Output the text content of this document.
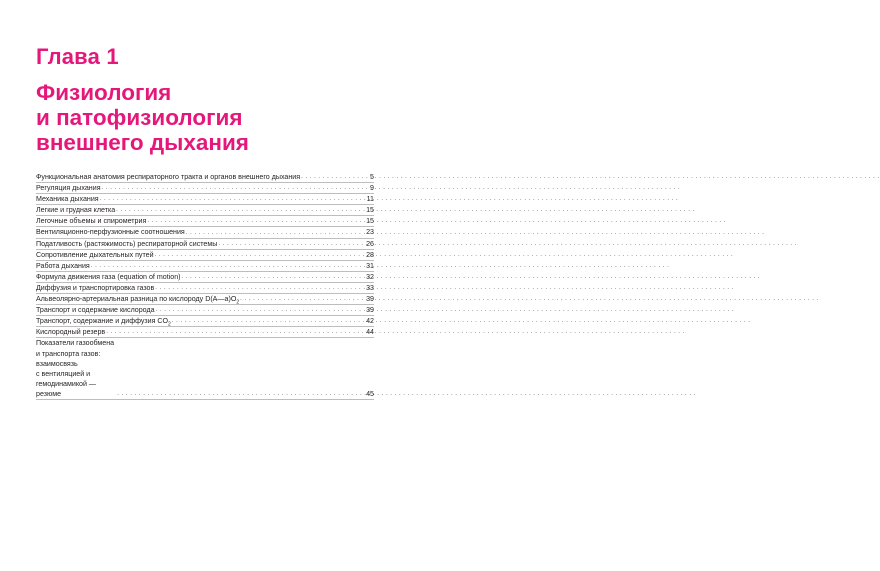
Глава 1
Физиология
и патофизиология
внешнего дыхания
Функциональная анатомия респираторного тракта и органов внешнего дыхания . . .	5
Регуляция дыхания . . .	9
Механика дыхания . . .	11
Легкие и грудная клетка . . .	15
Легочные объемы и спирометрия . . .	15
Вентиляционно-перфузионные соотношения . . .	23
Податливость (растяжимость) респираторной системы . . .	26
Сопротивление дыхательных путей . . .	28
Работа дыхания . . .	31
Формула движения газа (equation of motion) . . .	32
Диффузия и транспортировка газов . . .	33
Альвеолярно-артериальная разница по кислороду $D(A—a)O_2$ . . .	39
Транспорт и содержание кислорода . . .	39
Транспорт, содержание и диффузия $CO_2$ . . .	42
Кислородный резерв . . .	44
Показатели газообмена и транспорта газов: взаимосвязь
с вентиляцией и гемодинамикой — резюме . . .	45
